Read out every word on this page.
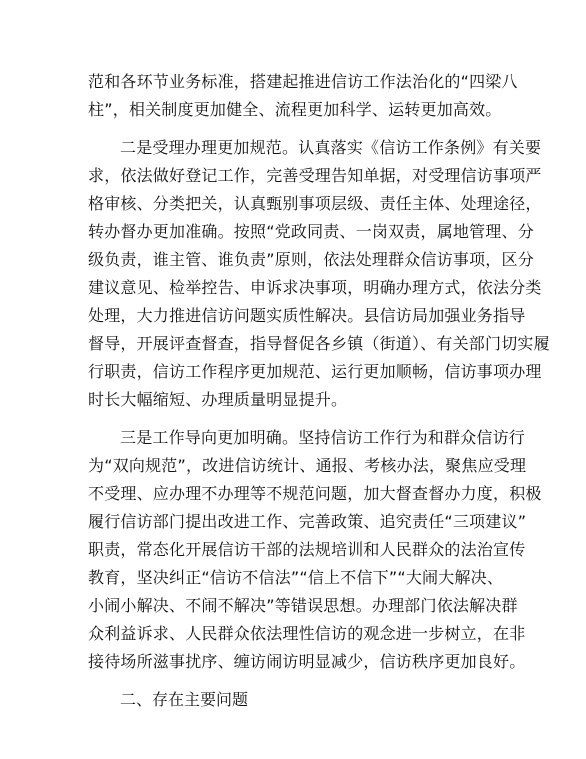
范和各环节业务标准，搭建起推进信访工作法治化的“四梁八
柱”，相关制度更加健全、流程更加科学、运转更加高效。
二是受理办理更加规范。认真落实《信访工作条例》有关要
求，依法做好登记工作，完善受理告知单据，对受理信访事项严
格审核、分类把关，认真甄别事项层级、责任主体、处理途径，
转办督办更加准确。按照“党政同责、一岗双责，属地管理、分
级负责，谁主管、谁负责”原则，依法处理群众信访事项，区分
建议意见、检举控告、申诉求决事项，明确办理方式，依法分类
处理，大力推进信访问题实质性解决。县信访局加强业务指导
督导，开展评查督查，指导督促各乡镇（街道）、有关部门切实履
行职责，信访工作程序更加规范、运行更加顺畅，信访事项办理
时长大幅缩短、办理质量明显提升。
三是工作导向更加明确。坚持信访工作行为和群众信访行
为“双向规范”，改进信访统计、通报、考核办法，聚焦应受理
不受理、应办理不办理等不规范问题，加大督查督办力度，积极
履行信访部门提出改进工作、完善政策、追究责任“三项建议”
职责，常态化开展信访干部的法规培训和人民群众的法治宣传
教育，坚决纠正“信访不信法”“信上不信下”“大闹大解决、
小闹小解决、不闹不解决”等错误思想。办理部门依法解决群
众利益诉求、人民群众依法理性信访的观念进一步树立，在非
接待场所滋事扰序、缠访闹访明显减少，信访秩序更加良好。
二、存在主要问题
